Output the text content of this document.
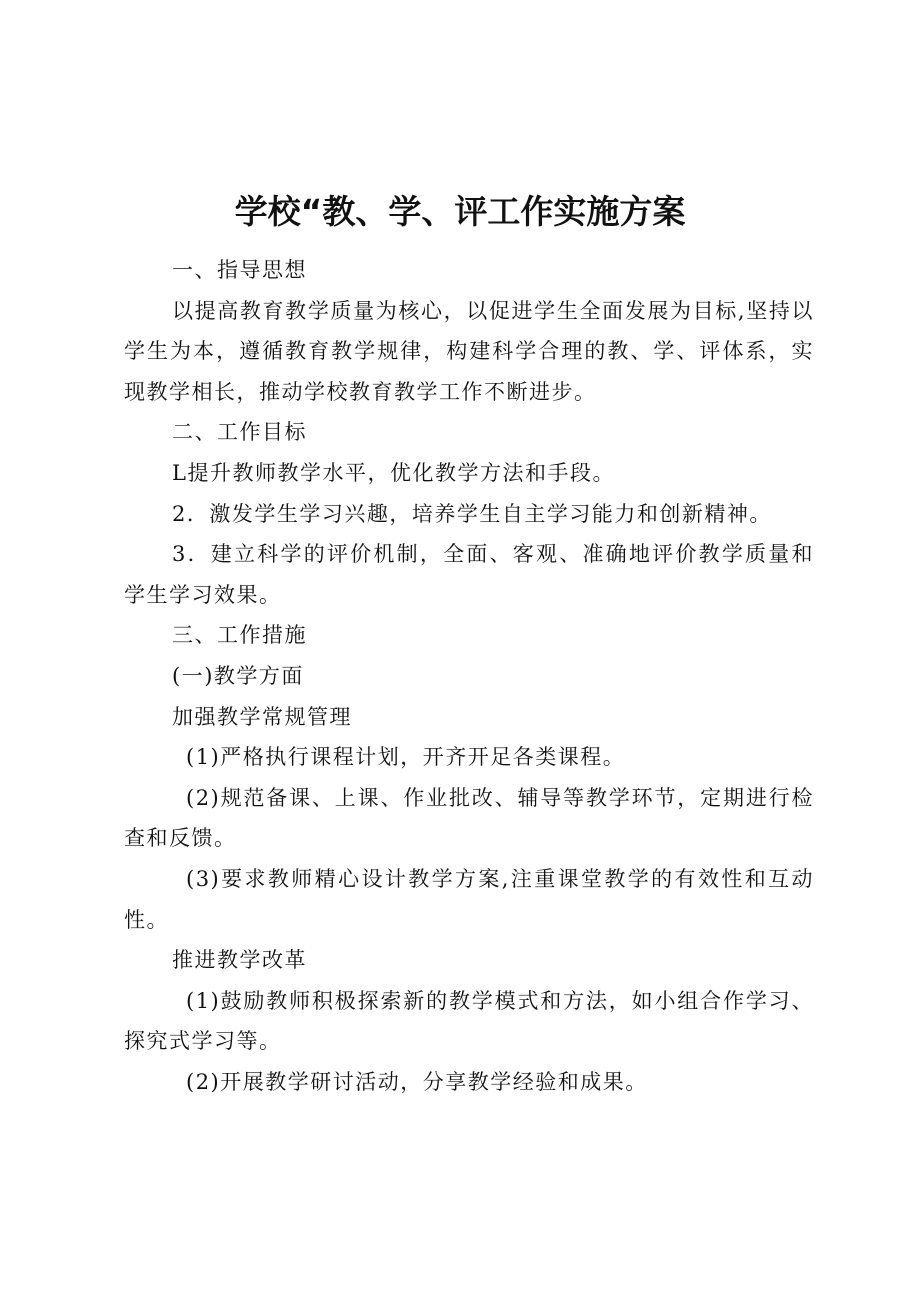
学校“教、学、评工作实施方案

一、指导思想

以提高教育教学质量为核心，以促进学生全面发展为目标,坚持以学生为本，遵循教育教学规律，构建科学合理的教、学、评体系，实现教学相长，推动学校教育教学工作不断进步。

二、工作目标

L提升教师教学水平，优化教学方法和手段。

2．激发学生学习兴趣，培养学生自主学习能力和创新精神。

3．建立科学的评价机制，全面、客观、准确地评价教学质量和学生学习效果。

三、工作措施

(一)教学方面

加强教学常规管理

(1)严格执行课程计划，开齐开足各类课程。

(2)规范备课、上课、作业批改、辅导等教学环节，定期进行检查和反馈。

(3)要求教师精心设计教学方案,注重课堂教学的有效性和互动性。

推进教学改革

(1)鼓励教师积极探索新的教学模式和方法，如小组合作学习、探究式学习等。

(2)开展教学研讨活动，分享教学经验和成果。
